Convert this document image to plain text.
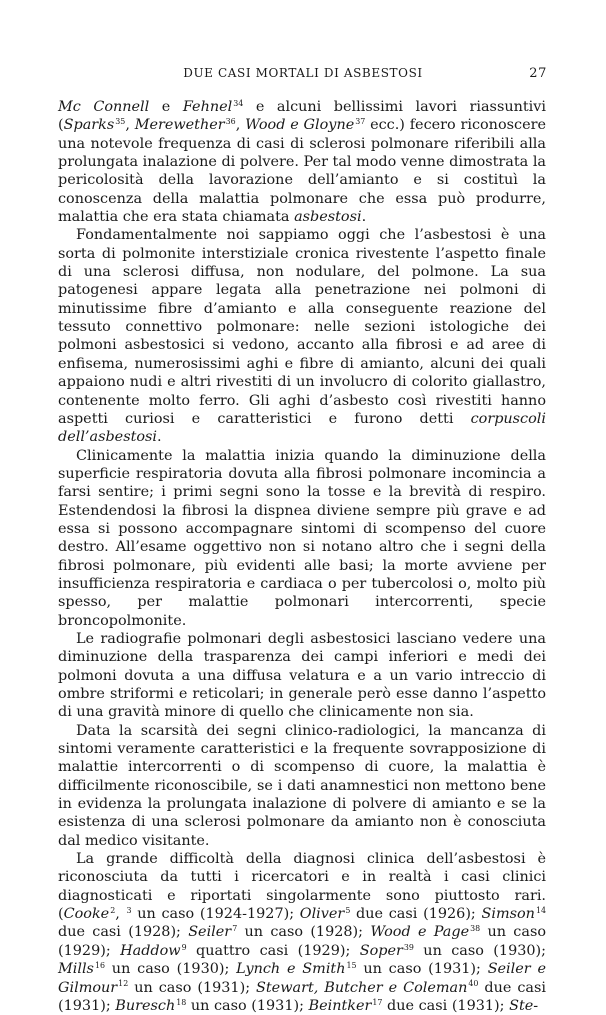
DUE CASI MORTALI DI ASBESTOSI	27

Mc Connell e Fehnel$^{34}$ e alcuni bellissimi lavori riassuntivi (Sparks$^{35}$, Merewether$^{36}$, Wood e Gloyne$^{37}$ ecc.) fecero riconoscere una notevole frequenza di casi di sclerosi polmonare riferibili alla prolungata inalazione di polvere. Per tal modo venne dimostrata la pericolosità della lavorazione dell’amianto e si costituì la conoscenza della malattia polmonare che essa può produrre, malattia che era stata chiamata asbestosi.

Fondamentalmente noi sappiamo oggi che l’asbestosi è una sorta di polmonite interstiziale cronica rivestente l’aspetto finale di una sclerosi diffusa, non nodulare, del polmone. La sua patogenesi appare legata alla penetrazione nei polmoni di minutissime fibre d’amianto e alla conseguente reazione del tessuto connettivo polmonare: nelle sezioni istologiche dei polmoni asbestosici si vedono, accanto alla fibrosi e ad aree di enfisema, numerosissimi aghi e fibre di amianto, alcuni dei quali appaiono nudi e altri rivestiti di un involucro di colorito giallastro, contenente molto ferro. Gli aghi d’asbesto così rivestiti hanno aspetti curiosi e caratteristici e furono detti corpuscoli dell’asbestosi.

Clinicamente la malattia inizia quando la diminuzione della superficie respiratoria dovuta alla fibrosi polmonare incomincia a farsi sentire; i primi segni sono la tosse e la brevità di respiro. Estendendosi la fibrosi la dispnea diviene sempre più grave e ad essa si possono accompagnare sintomi di scompenso del cuore destro. All’esame oggettivo non si notano altro che i segni della fibrosi polmonare, più evidenti alle basi; la morte avviene per insufficienza respiratoria e cardiaca o per tubercolosi o, molto più spesso, per malattie polmonari intercorrenti, specie broncopolmonite.

Le radiografie polmonari degli asbestosici lasciano vedere una diminuzione della trasparenza dei campi inferiori e medi dei polmoni dovuta a una diffusa velatura e a un vario intreccio di ombre striformi e reticolari; in generale però esse danno l’aspetto di una gravità minore di quello che clinicamente non sia.

Data la scarsità dei segni clinico-radiologici, la mancanza di sintomi veramente caratteristici e la frequente sovrapposizione di malattie intercorrenti o di scompenso di cuore, la malattia è difficilmente riconoscibile, se i dati anamnestici non mettono bene in evidenza la prolungata inalazione di polvere di amianto e se la esistenza di una sclerosi polmonare da amianto non è conosciuta dal medico visitante.

La grande difficoltà della diagnosi clinica dell’asbestosi è riconosciuta da tutti i ricercatori e in realtà i casi clinici diagnosticati e riportati singolarmente sono piuttosto rari. (Cooke$^2$, $^3$ un caso (1924-1927); Oliver$^5$ due casi (1926); Simson$^{14}$ due casi (1928); Seiler$^7$ un caso (1928); Wood e Page$^{38}$ un caso (1929); Haddow$^9$ quattro casi (1929); Soper$^{39}$ un caso (1930); Mills$^{16}$ un caso (1930); Lynch e Smith$^{15}$ un caso (1931); Seiler e Gilmour$^{12}$ un caso (1931); Stewart, Butcher e Coleman$^{40}$ due casi (1931); Buresch$^{18}$ un caso (1931); Beintker$^{17}$ due casi (1931); Ste-
